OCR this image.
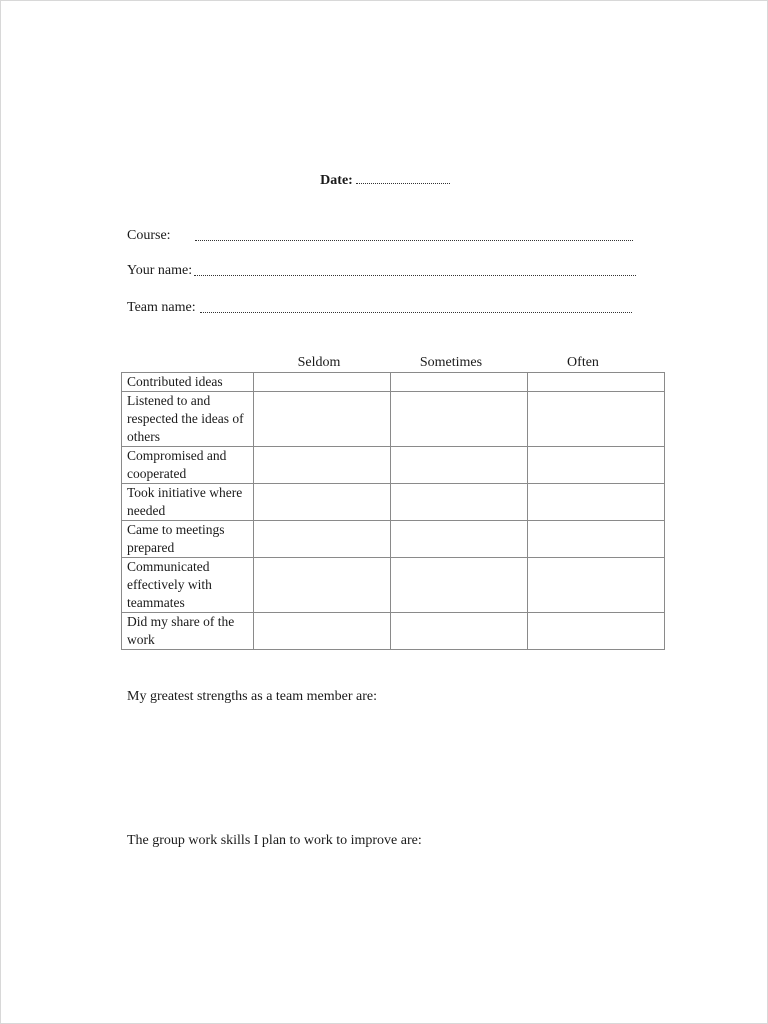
Date:
Course:
Your name:
Team name:
Seldom	Sometimes	Often
Contributed ideas			
Listened to and respected the ideas of others			
Compromised and cooperated			
Took initiative where needed			
Came to meetings prepared			
Communicated effectively with teammates			
Did my share of the work			
My greatest strengths as a team member are:
The group work skills I plan to work to improve are:
